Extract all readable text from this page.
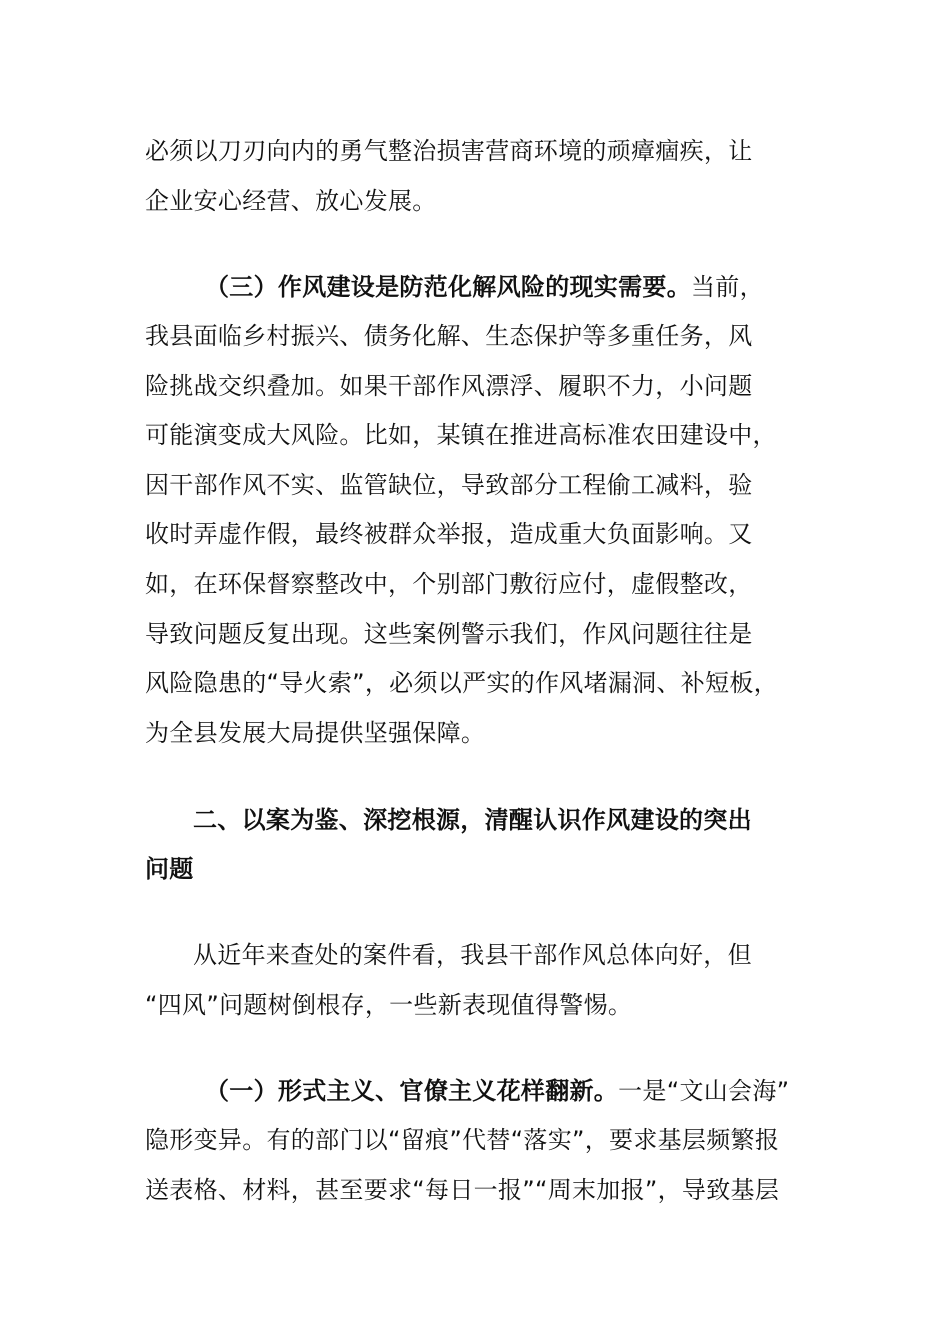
必须以刀刃向内的勇气整治损害营商环境的顽瘴痼疾，让
企业安心经营、放心发展。
（三）作风建设是防范化解风险的现实需要。当前，
我县面临乡村振兴、债务化解、生态保护等多重任务，风
险挑战交织叠加。如果干部作风漂浮、履职不力，小问题
可能演变成大风险。比如，某镇在推进高标准农田建设中，
因干部作风不实、监管缺位，导致部分工程偷工减料，验
收时弄虚作假，最终被群众举报，造成重大负面影响。又
如，在环保督察整改中，个别部门敷衍应付，虚假整改，
导致问题反复出现。这些案例警示我们，作风问题往往是
风险隐患的“导火索”，必须以严实的作风堵漏洞、补短板，
为全县发展大局提供坚强保障。
二、以案为鉴、深挖根源，清醒认识作风建设的突出
问题
从近年来查处的案件看，我县干部作风总体向好，但
“四风”问题树倒根存，一些新表现值得警惕。
（一）形式主义、官僚主义花样翻新。一是“文山会海”
隐形变异。有的部门以“留痕”代替“落实”，要求基层频繁报
送表格、材料，甚至要求“每日一报”“周末加报”，导致基层
